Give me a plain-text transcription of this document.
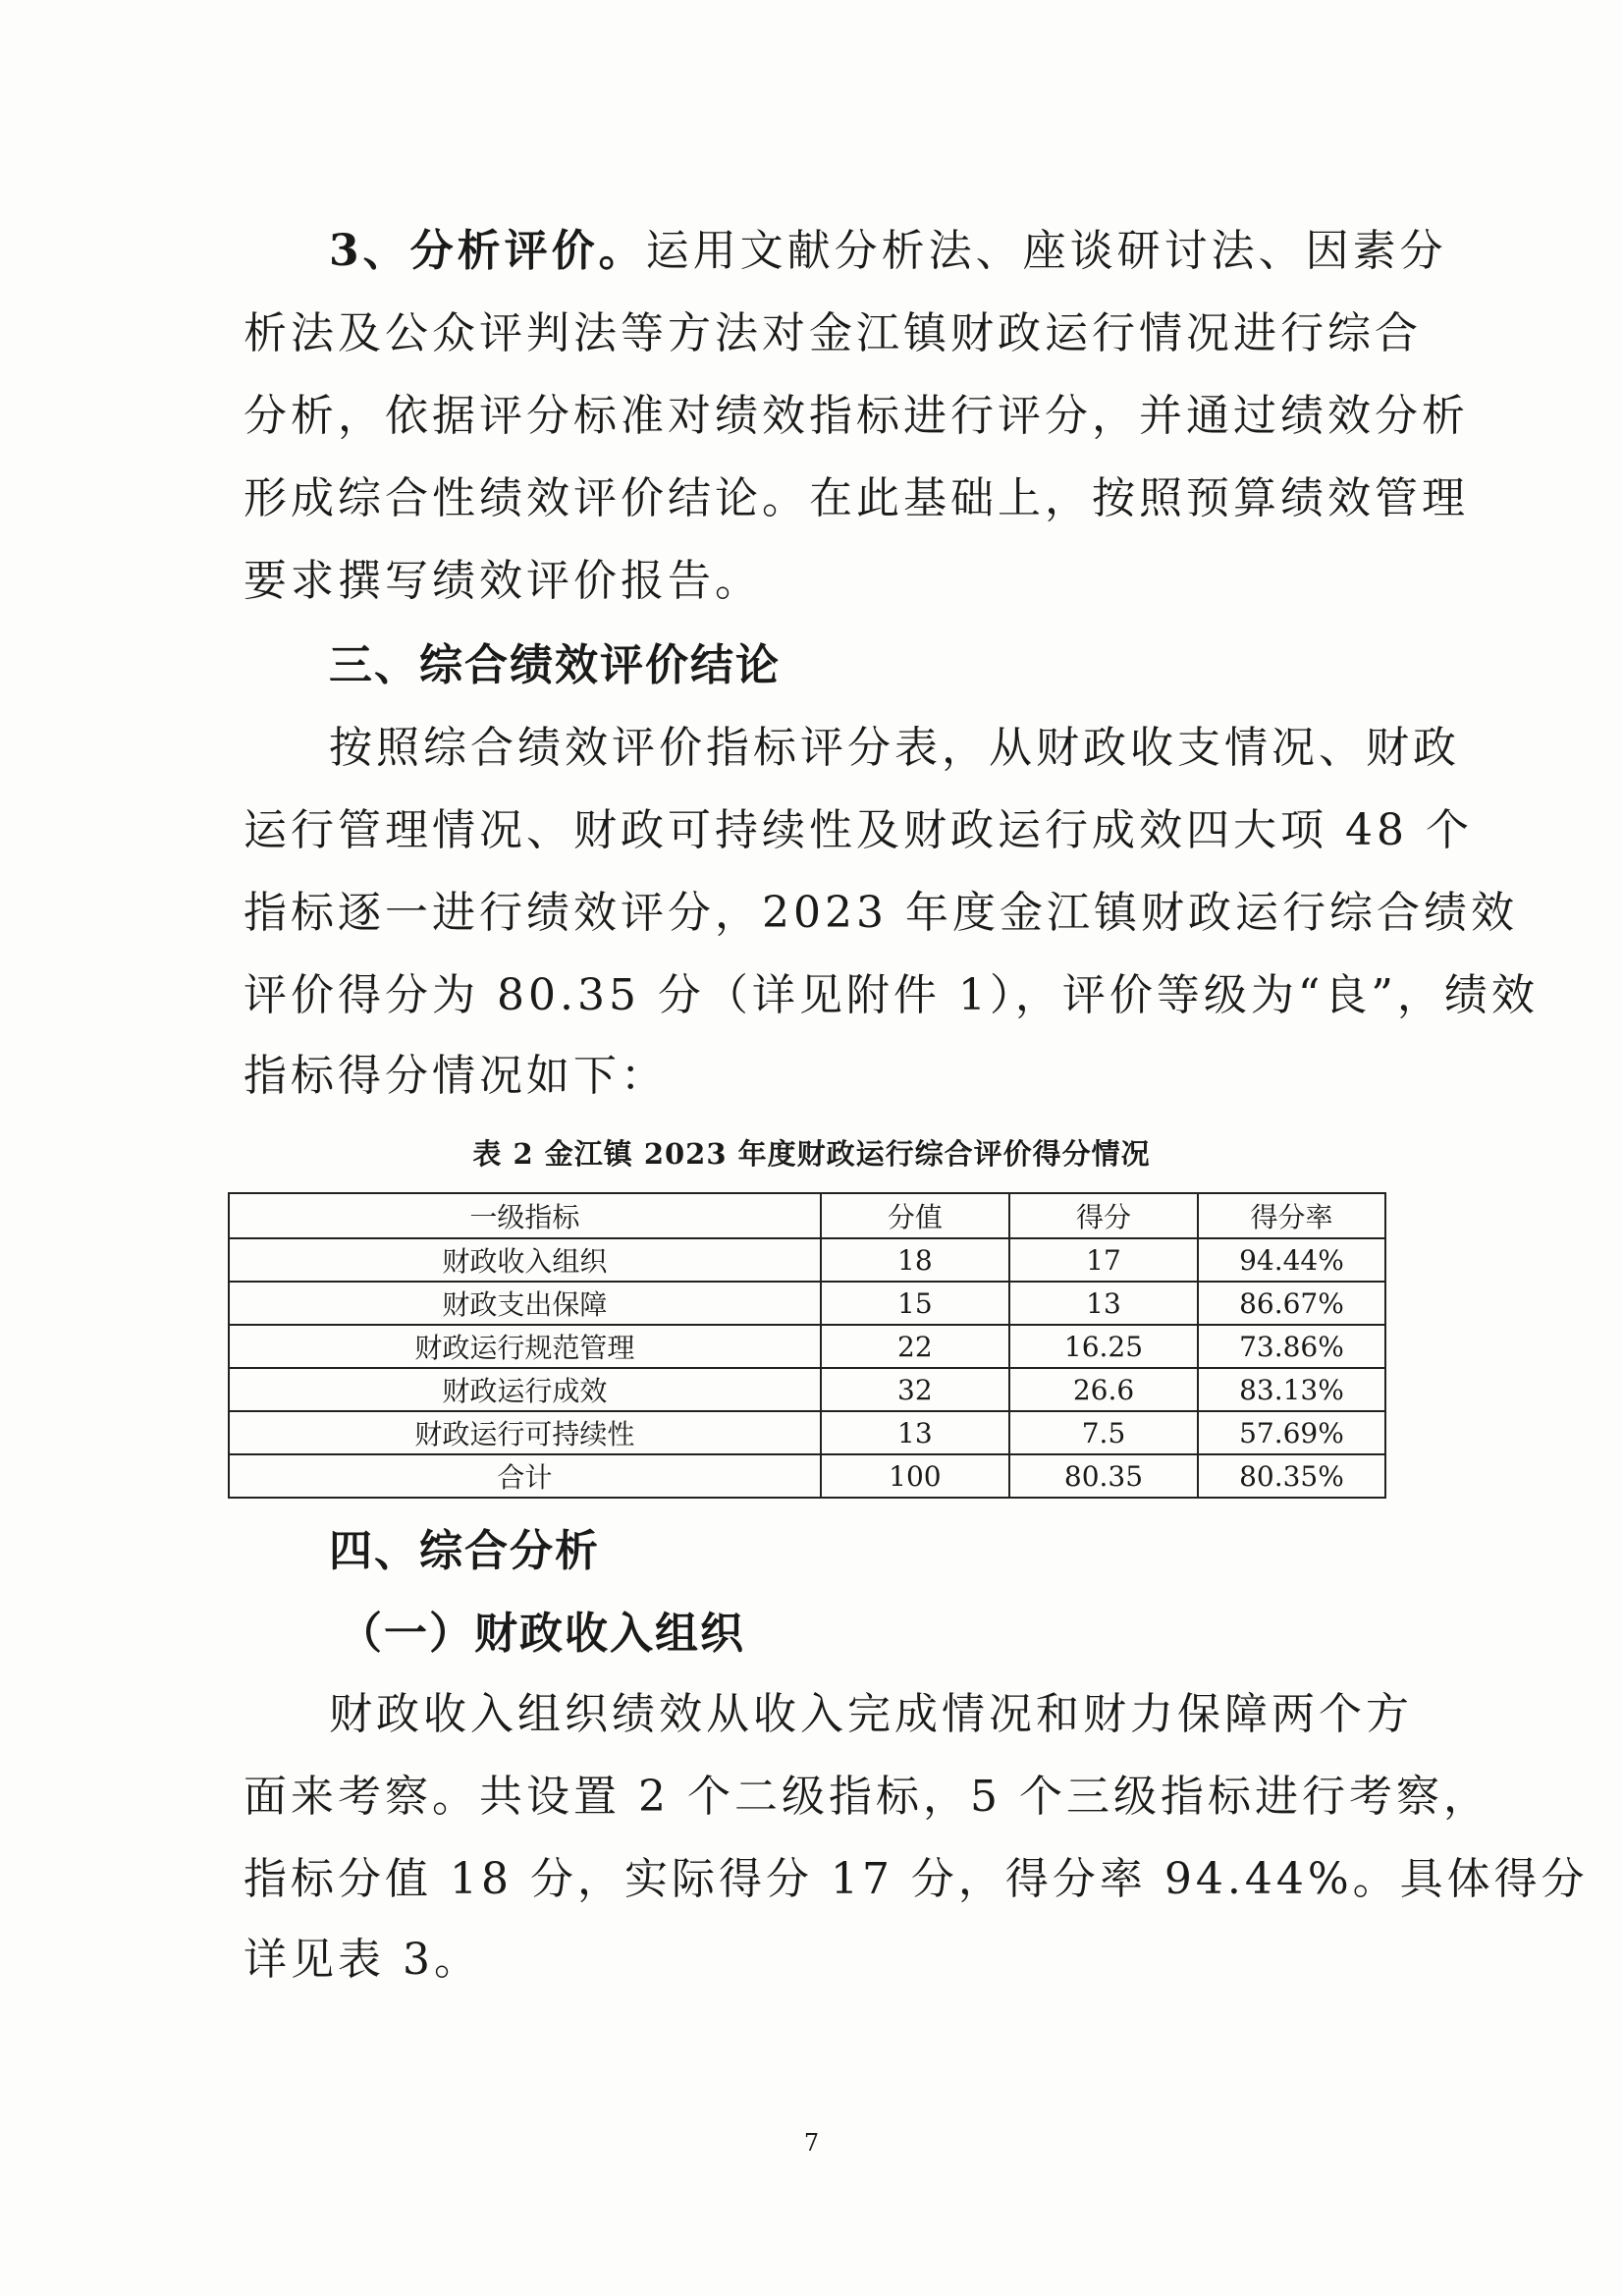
3、分析评价。运用文献分析法、座谈研讨法、因素分
析法及公众评判法等方法对金江镇财政运行情况进行综合
分析，依据评分标准对绩效指标进行评分，并通过绩效分析
形成综合性绩效评价结论。在此基础上，按照预算绩效管理
要求撰写绩效评价报告。
三、综合绩效评价结论
按照综合绩效评价指标评分表，从财政收支情况、财政
运行管理情况、财政可持续性及财政运行成效四大项 48 个
指标逐一进行绩效评分，2023 年度金江镇财政运行综合绩效
评价得分为 80.35 分（详见附件 1），评价等级为“良”，绩效
指标得分情况如下：
表 2 金江镇 2023 年度财政运行综合评价得分情况
一级指标	分值	得分	得分率
财政收入组织	18	17	94.44%
财政支出保障	15	13	86.67%
财政运行规范管理	22	16.25	73.86%
财政运行成效	32	26.6	83.13%
财政运行可持续性	13	7.5	57.69%
合计	100	80.35	80.35%
四、综合分析
（一）财政收入组织
财政收入组织绩效从收入完成情况和财力保障两个方
面来考察。共设置 2 个二级指标，5 个三级指标进行考察，
指标分值 18 分，实际得分 17 分，得分率 94.44%。具体得分
详见表 3。
7
